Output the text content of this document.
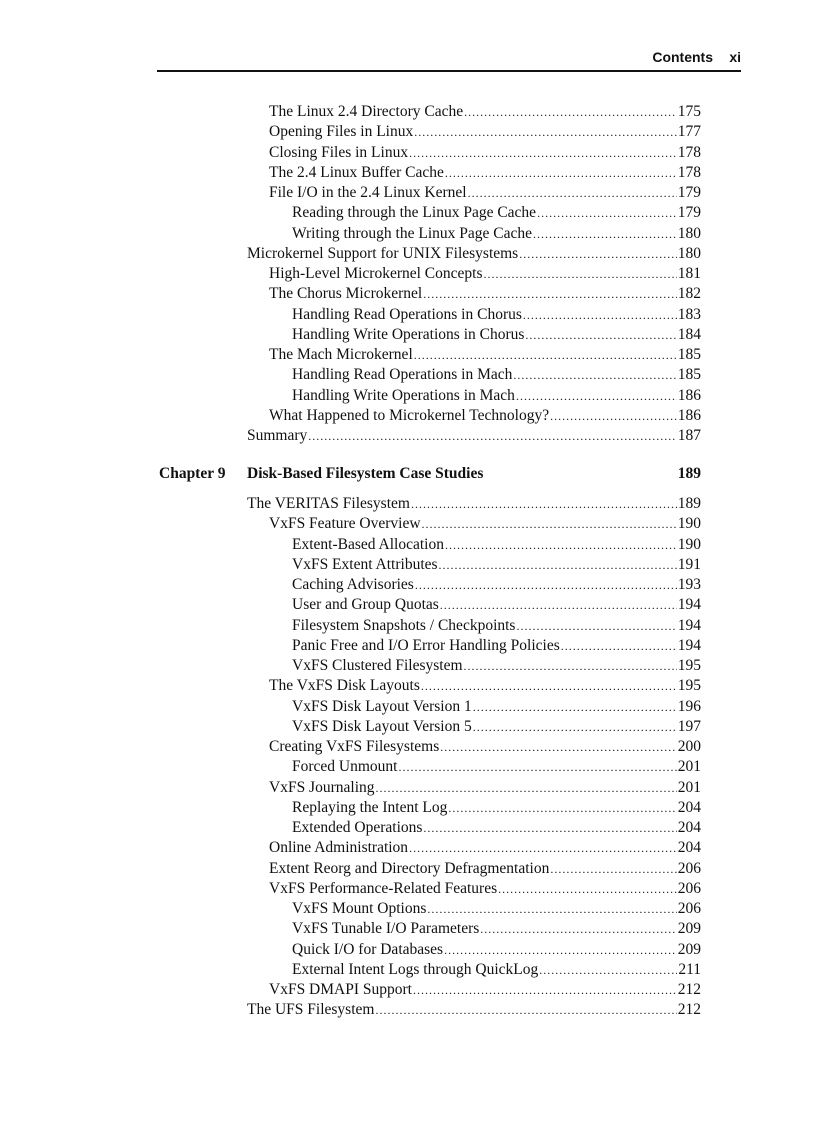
Contents xi
The Linux 2.4 Directory Cache .....	175
Opening Files in Linux .....	177
Closing Files in Linux .....	178
The 2.4 Linux Buffer Cache .....	178
File I/O in the 2.4 Linux Kernel .....	179
Reading through the Linux Page Cache .....	179
Writing through the Linux Page Cache .....	180
Microkernel Support for UNIX Filesystems .....	180
High-Level Microkernel Concepts .....	181
The Chorus Microkernel .....	182
Handling Read Operations in Chorus .....	183
Handling Write Operations in Chorus .....	184
The Mach Microkernel .....	185
Handling Read Operations in Mach .....	185
Handling Write Operations in Mach .....	186
What Happened to Microkernel Technology? .....	186
Summary .....	187
The VERITAS Filesystem .....	189
VxFS Feature Overview .....	190
Extent-Based Allocation .....	190
VxFS Extent Attributes .....	191
Caching Advisories .....	193
User and Group Quotas .....	194
Filesystem Snapshots / Checkpoints .....	194
Panic Free and I/O Error Handling Policies .....	194
VxFS Clustered Filesystem .....	195
The VxFS Disk Layouts .....	195
VxFS Disk Layout Version 1 .....	196
VxFS Disk Layout Version 5 .....	197
Creating VxFS Filesystems .....	200
Forced Unmount .....	201
VxFS Journaling .....	201
Replaying the Intent Log .....	204
Extended Operations .....	204
Online Administration .....	204
Extent Reorg and Directory Defragmentation .....	206
VxFS Performance-Related Features .....	206
VxFS Mount Options .....	206
VxFS Tunable I/O Parameters .....	209
Quick I/O for Databases .....	209
External Intent Logs through QuickLog .....	211
VxFS DMAPI Support .....	212
The UFS Filesystem .....	212
Chapter 9 Disk-Based Filesystem Case Studies	189
